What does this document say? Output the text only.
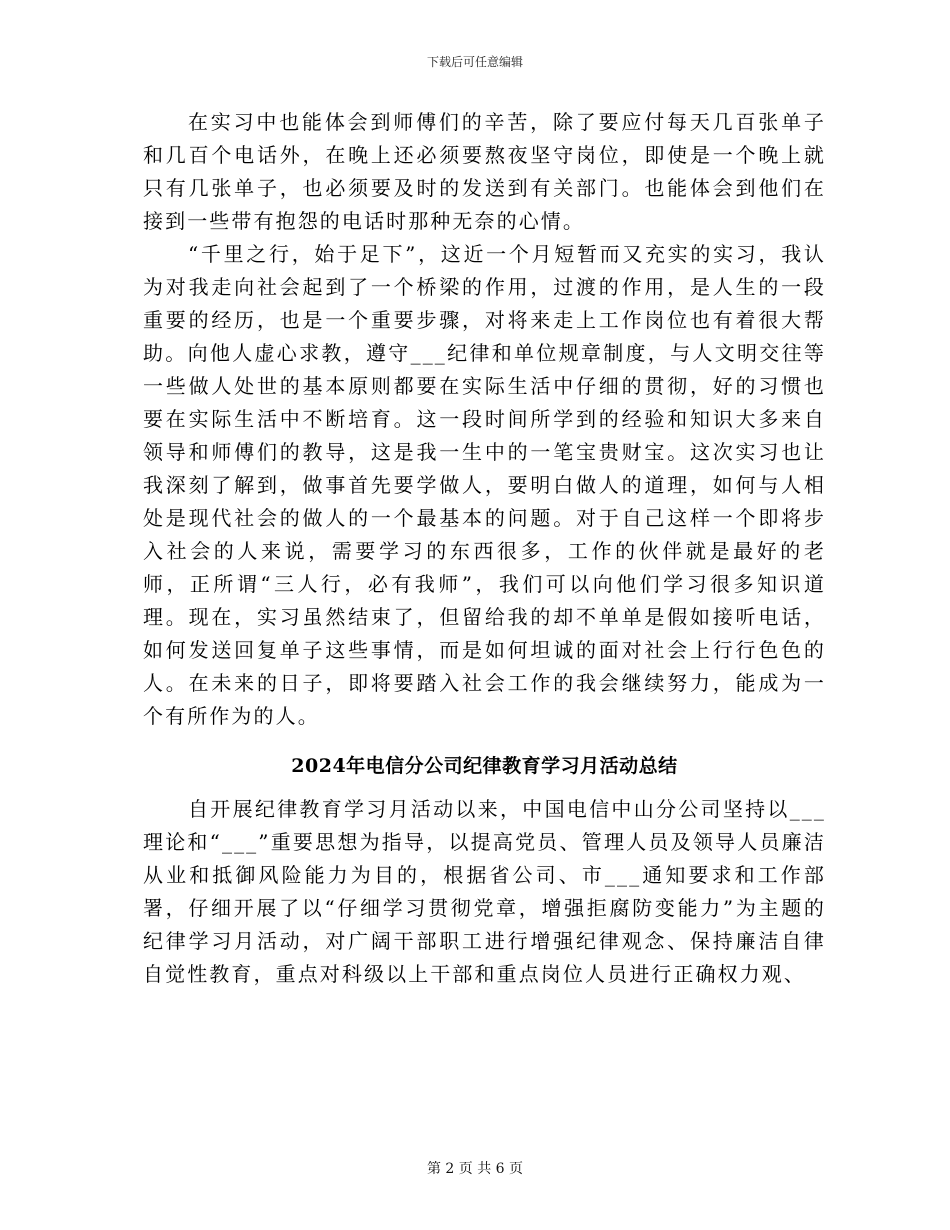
下载后可任意编辑

在实习中也能体会到师傅们的辛苦，除了要应付每天几百张单子和几百个电话外，在晚上还必须要熬夜坚守岗位，即使是一个晚上就只有几张单子，也必须要及时的发送到有关部门。也能体会到他们在接到一些带有抱怨的电话时那种无奈的心情。

“千里之行，始于足下”，这近一个月短暂而又充实的实习，我认为对我走向社会起到了一个桥梁的作用，过渡的作用，是人生的一段重要的经历，也是一个重要步骤，对将来走上工作岗位也有着很大帮助。向他人虚心求教，遵守___纪律和单位规章制度，与人文明交往等一些做人处世的基本原则都要在实际生活中仔细的贯彻，好的习惯也要在实际生活中不断培育。这一段时间所学到的经验和知识大多来自领导和师傅们的教导，这是我一生中的一笔宝贵财宝。这次实习也让我深刻了解到，做事首先要学做人，要明白做人的道理，如何与人相处是现代社会的做人的一个最基本的问题。对于自己这样一个即将步入社会的人来说，需要学习的东西很多，工作的伙伴就是最好的老师，正所谓“三人行，必有我师”，我们可以向他们学习很多知识道理。现在，实习虽然结束了，但留给我的却不单单是假如接听电话，如何发送回复单子这些事情，而是如何坦诚的面对社会上行行色色的人。在未来的日子，即将要踏入社会工作的我会继续努力，能成为一个有所作为的人。

2024年电信分公司纪律教育学习月活动总结

自开展纪律教育学习月活动以来，中国电信中山分公司坚持以___理论和“___”重要思想为指导，以提高党员、管理人员及领导人员廉洁从业和抵御风险能力为目的，根据省公司、市___通知要求和工作部署，仔细开展了以“仔细学习贯彻党章，增强拒腐防变能力”为主题的纪律学习月活动，对广阔干部职工进行增强纪律观念、保持廉洁自律自觉性教育，重点对科级以上干部和重点岗位人员进行正确权力观、

第 2 页 共 6 页
